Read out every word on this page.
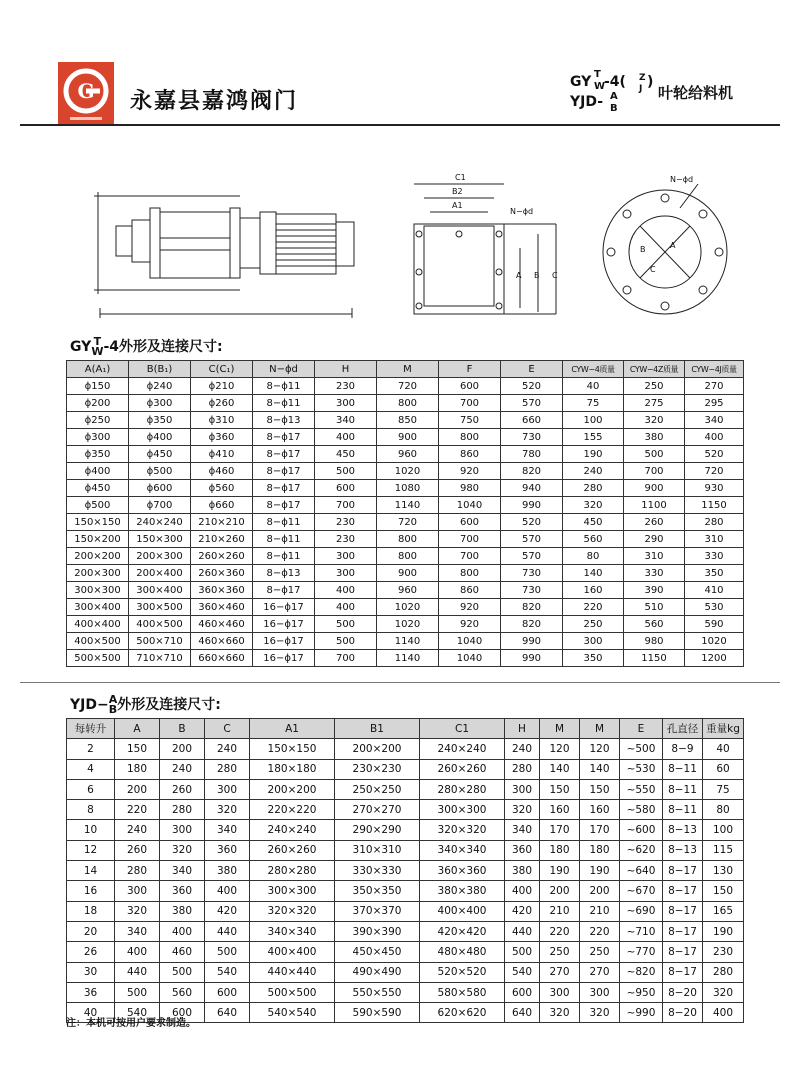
G 永嘉县嘉鸿阀门
GY T
W
-4( Z
J )
YJD- A
B
叶轮给料机
C1
B2
A1
N−ϕd
A B C
N−ϕd
A
B
C
GY T
W -4外形及连接尺寸:
A(A₁)	B(B₁)	C(C₁)	N−ϕd	H	M	F	E	CYW−4质量	CYW−4Z质量	CYW−4J质量
ϕ150	ϕ240	ϕ210	8−ϕ11	230	720	600	520	40	250	270
ϕ200	ϕ300	ϕ260	8−ϕ11	300	800	700	570	75	275	295
ϕ250	ϕ350	ϕ310	8−ϕ13	340	850	750	660	100	320	340
ϕ300	ϕ400	ϕ360	8−ϕ17	400	900	800	730	155	380	400
ϕ350	ϕ450	ϕ410	8−ϕ17	450	960	860	780	190	500	520
ϕ400	ϕ500	ϕ460	8−ϕ17	500	1020	920	820	240	700	720
ϕ450	ϕ600	ϕ560	8−ϕ17	600	1080	980	940	280	900	930
ϕ500	ϕ700	ϕ660	8−ϕ17	700	1140	1040	990	320	1100	1150
150×150	240×240	210×210	8−ϕ11	230	720	600	520	450	260	280
150×200	150×300	210×260	8−ϕ11	230	800	700	570	560	290	310
200×200	200×300	260×260	8−ϕ11	300	800	700	570	80	310	330
200×300	200×400	260×360	8−ϕ13	300	900	800	730	140	330	350
300×300	300×400	360×360	8−ϕ17	400	960	860	730	160	390	410
300×400	300×500	360×460	16−ϕ17	400	1020	920	820	220	510	530
400×400	400×500	460×460	16−ϕ17	500	1020	920	820	250	560	590
400×500	500×710	460×660	16−ϕ17	500	1140	1040	990	300	980	1020
500×500	710×710	660×660	16−ϕ17	700	1140	1040	990	350	1150	1200
YJD− A
B 外形及连接尺寸:
每转升	A	B	C	A1	B1	C1	H	M	M	E	孔直径	重量kg
2	150	200	240	150×150	200×200	240×240	240	120	120	~500	8−9	40
4	180	240	280	180×180	230×230	260×260	280	140	140	~530	8−11	60
6	200	260	300	200×200	250×250	280×280	300	150	150	~550	8−11	75
8	220	280	320	220×220	270×270	300×300	320	160	160	~580	8−11	80
10	240	300	340	240×240	290×290	320×320	340	170	170	~600	8−13	100
12	260	320	360	260×260	310×310	340×340	360	180	180	~620	8−13	115
14	280	340	380	280×280	330×330	360×360	380	190	190	~640	8−17	130
16	300	360	400	300×300	350×350	380×380	400	200	200	~670	8−17	150
18	320	380	420	320×320	370×370	400×400	420	210	210	~690	8−17	165
20	340	400	440	340×340	390×390	420×420	440	220	220	~710	8−17	190
26	400	460	500	400×400	450×450	480×480	500	250	250	~770	8−17	230
30	440	500	540	440×440	490×490	520×520	540	270	270	~820	8−17	280
36	500	560	600	500×500	550×550	580×580	600	300	300	~950	8−20	320
40	540	600	640	540×540	590×590	620×620	640	320	320	~990	8−20	400
注：本机可按用户要求制造。
